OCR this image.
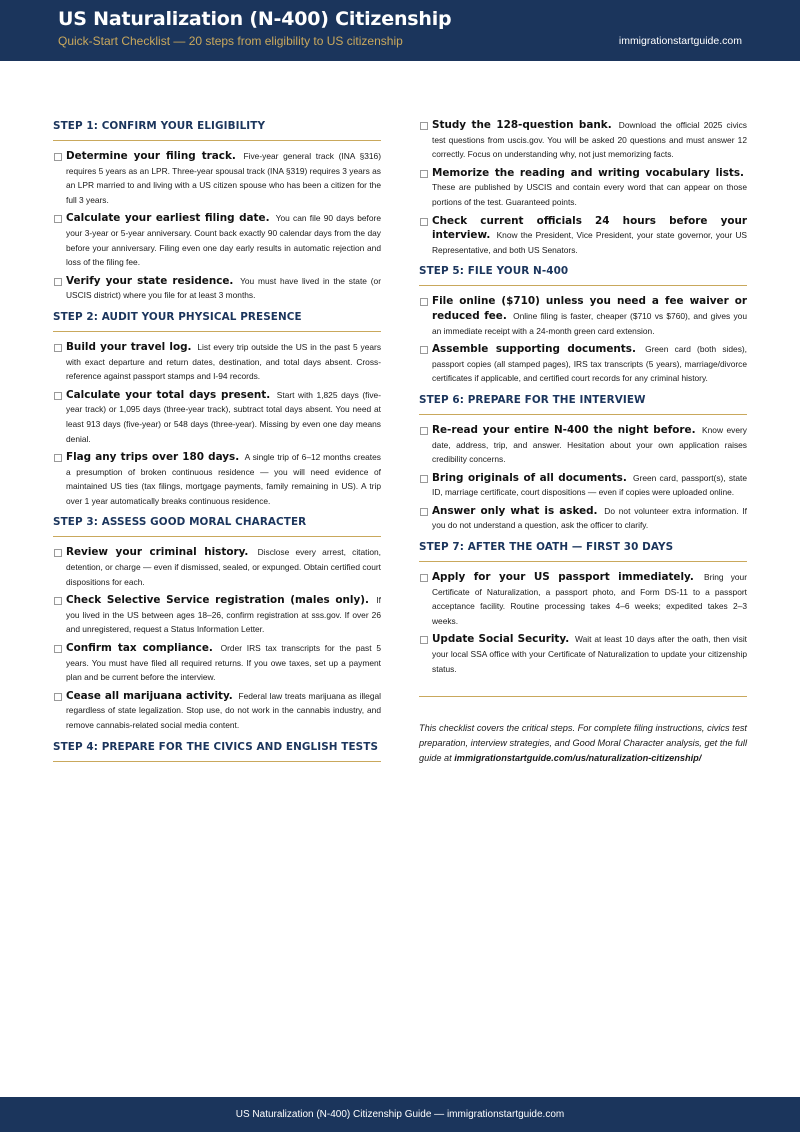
US Naturalization (N-400) Citizenship
Quick-Start Checklist — 20 steps from eligibility to US citizenship	immigrationstartguide.com
STEP 1: CONFIRM YOUR ELIGIBILITY
Determine your filing track. Five-year general track (INA §316) requires 5 years as an LPR. Three-year spousal track (INA §319) requires 3 years as an LPR married to and living with a US citizen spouse who has been a citizen for the full 3 years.
Calculate your earliest filing date. You can file 90 days before your 3-year or 5-year anniversary. Count back exactly 90 calendar days from the day before your anniversary. Filing even one day early results in automatic rejection and loss of the filing fee.
Verify your state residence. You must have lived in the state (or USCIS district) where you file for at least 3 months.
STEP 2: AUDIT YOUR PHYSICAL PRESENCE
Build your travel log. List every trip outside the US in the past 5 years with exact departure and return dates, destination, and total days absent. Cross-reference against passport stamps and I-94 records.
Calculate your total days present. Start with 1,825 days (five-year track) or 1,095 days (three-year track), subtract total days absent. You need at least 913 days (five-year) or 548 days (three-year). Missing by even one day means denial.
Flag any trips over 180 days. A single trip of 6–12 months creates a presumption of broken continuous residence — you will need evidence of maintained US ties (tax filings, mortgage payments, family remaining in US). A trip over 1 year automatically breaks continuous residence.
STEP 3: ASSESS GOOD MORAL CHARACTER
Review your criminal history. Disclose every arrest, citation, detention, or charge — even if dismissed, sealed, or expunged. Obtain certified court dispositions for each.
Check Selective Service registration (males only). If you lived in the US between ages 18–26, confirm registration at sss.gov. If over 26 and unregistered, request a Status Information Letter.
Confirm tax compliance. Order IRS tax transcripts for the past 5 years. You must have filed all required returns. If you owe taxes, set up a payment plan and be current before the interview.
Cease all marijuana activity. Federal law treats marijuana as illegal regardless of state legalization. Stop use, do not work in the cannabis industry, and remove cannabis-related social media content.
STEP 4: PREPARE FOR THE CIVICS AND ENGLISH TESTS
Study the 128-question bank. Download the official 2025 civics test questions from uscis.gov. You will be asked 20 questions and must answer 12 correctly. Focus on understanding why, not just memorizing facts.
Memorize the reading and writing vocabulary lists. These are published by USCIS and contain every word that can appear on those portions of the test. Guaranteed points.
Check current officials 24 hours before your interview. Know the President, Vice President, your state governor, your US Representative, and both US Senators.
STEP 5: FILE YOUR N-400
File online ($710) unless you need a fee waiver or reduced fee. Online filing is faster, cheaper ($710 vs $760), and gives you an immediate receipt with a 24-month green card extension.
Assemble supporting documents. Green card (both sides), passport copies (all stamped pages), IRS tax transcripts (5 years), marriage/divorce certificates if applicable, and certified court records for any criminal history.
STEP 6: PREPARE FOR THE INTERVIEW
Re-read your entire N-400 the night before. Know every date, address, trip, and answer. Hesitation about your own application raises credibility concerns.
Bring originals of all documents. Green card, passport(s), state ID, marriage certificate, court dispositions — even if copies were uploaded online.
Answer only what is asked. Do not volunteer extra information. If you do not understand a question, ask the officer to clarify.
STEP 7: AFTER THE OATH — FIRST 30 DAYS
Apply for your US passport immediately. Bring your Certificate of Naturalization, a passport photo, and Form DS-11 to a passport acceptance facility. Routine processing takes 4–6 weeks; expedited takes 2–3 weeks.
Update Social Security. Wait at least 10 days after the oath, then visit your local SSA office with your Certificate of Naturalization to update your citizenship status.
This checklist covers the critical steps. For complete filing instructions, civics test preparation, interview strategies, and Good Moral Character analysis, get the full guide at immigrationstartguide.com/us/naturalization-citizenship/
US Naturalization (N-400) Citizenship Guide — immigrationstartguide.com
